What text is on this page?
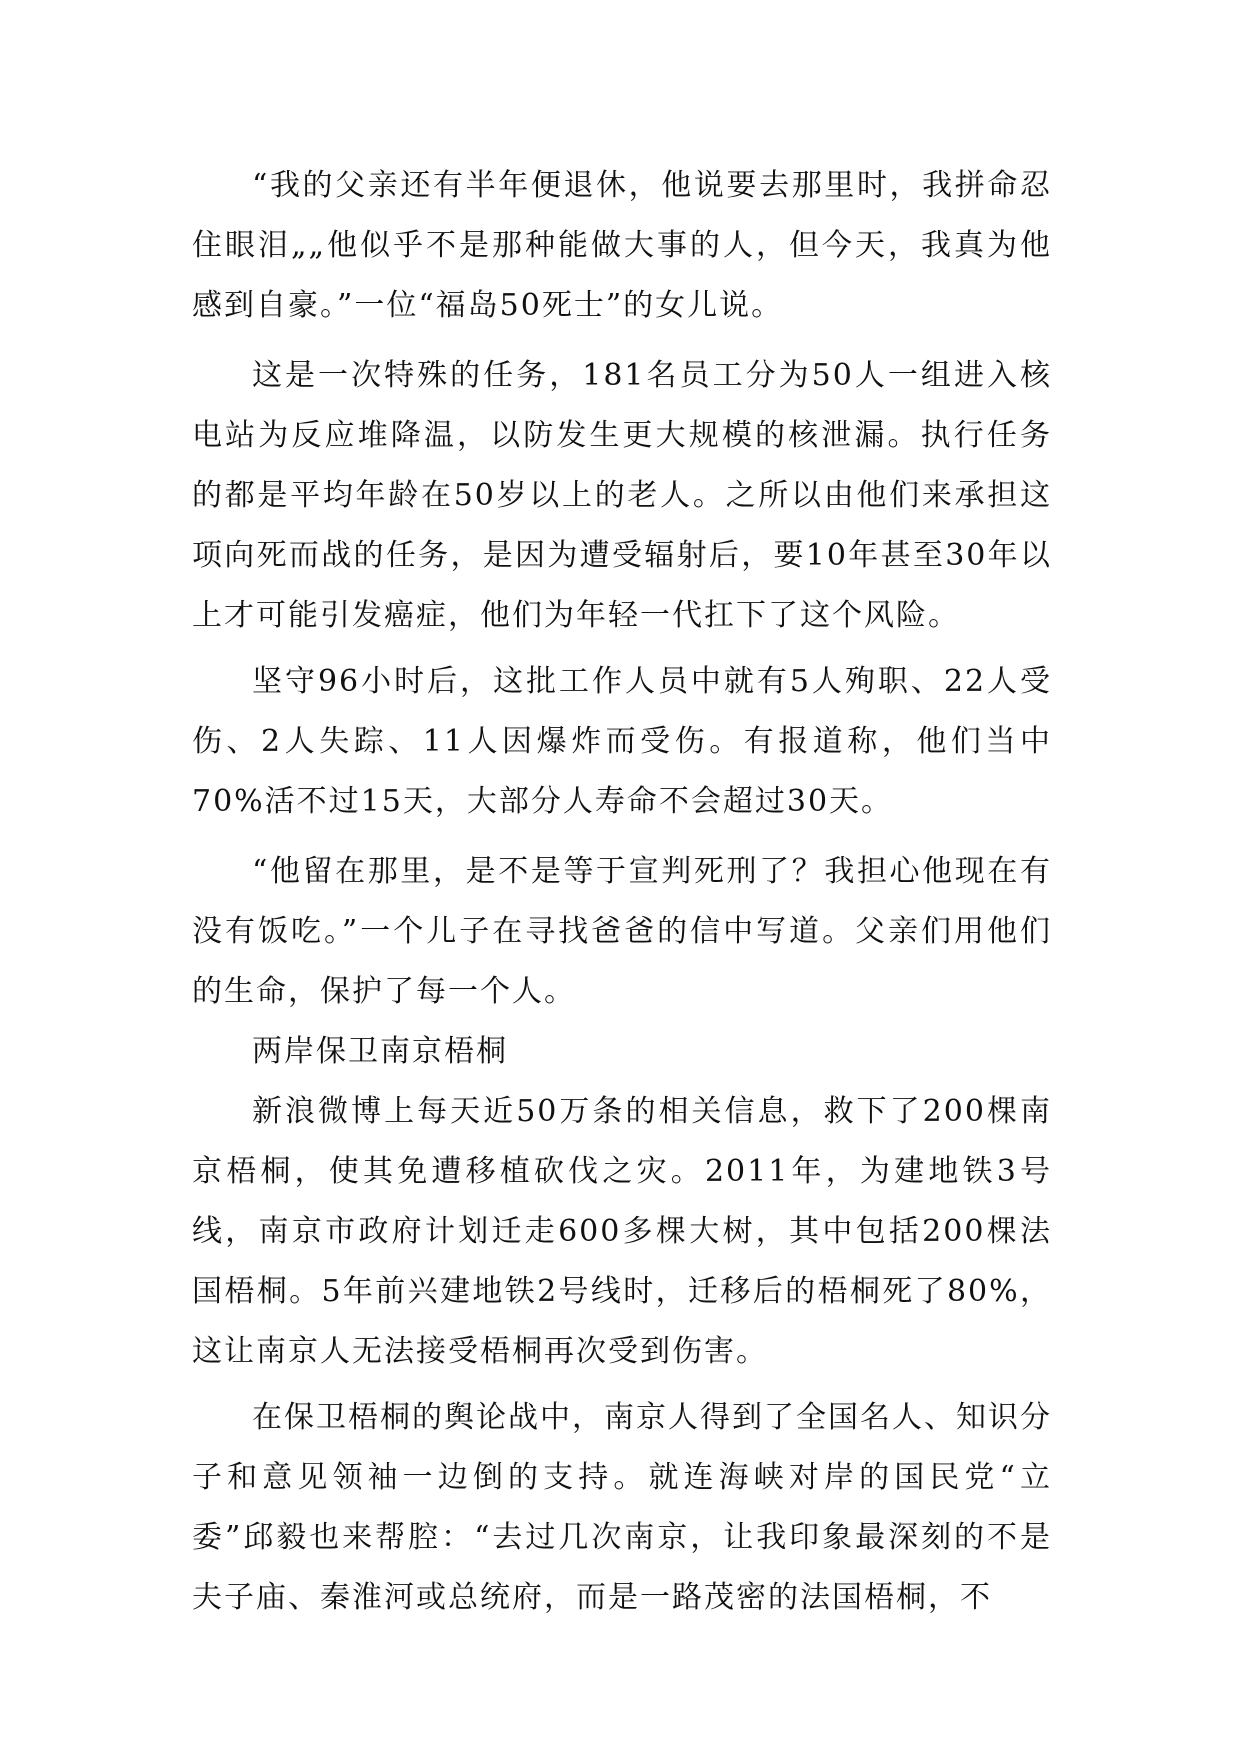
“我的父亲还有半年便退休，他说要去那里时，我拼命忍住眼泪„„他似乎不是那种能做大事的人，但今天，我真为他感到自豪。”一位“福岛50死士”的女儿说。

这是一次特殊的任务，181名员工分为50人一组进入核电站为反应堆降温，以防发生更大规模的核泄漏。执行任务的都是平均年龄在50岁以上的老人。之所以由他们来承担这项向死而战的任务，是因为遭受辐射后，要10年甚至30年以上才可能引发癌症，他们为年轻一代扛下了这个风险。

坚守96小时后，这批工作人员中就有5人殉职、22人受伤、2人失踪、11人因爆炸而受伤。有报道称，他们当中70%活不过15天，大部分人寿命不会超过30天。

“他留在那里，是不是等于宣判死刑了？我担心他现在有没有饭吃。”一个儿子在寻找爸爸的信中写道。父亲们用他们的生命，保护了每一个人。

两岸保卫南京梧桐

新浪微博上每天近50万条的相关信息，救下了200棵南京梧桐，使其免遭移植砍伐之灾。2011年，为建地铁3号线，南京市政府计划迁走600多棵大树，其中包括200棵法国梧桐。5年前兴建地铁2号线时，迁移后的梧桐死了80%，这让南京人无法接受梧桐再次受到伤害。

在保卫梧桐的舆论战中，南京人得到了全国名人、知识分子和意见领袖一边倒的支持。就连海峡对岸的国民党“立委”邱毅也来帮腔：“去过几次南京，让我印象最深刻的不是夫子庙、秦淮河或总统府，而是一路茂密的法国梧桐，不
